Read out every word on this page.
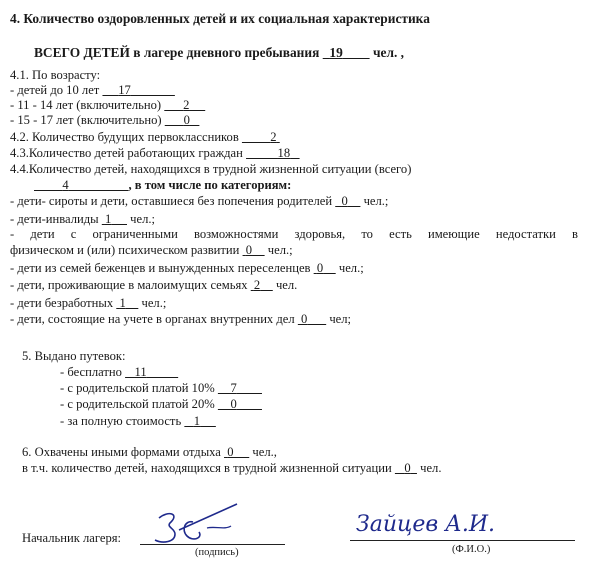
4. Количество оздоровленных детей и их социальная характеристика
ВСЕГО ДЕТЕЙ в лагере дневного пребывания 19 чел. ,
4.1. По возрасту:
- детей до 10 лет 17
- 11 - 14 лет (включительно) 2
- 15 - 17 лет (включительно) 0
4.2. Количество будущих первоклассников	2
4.3.Количество детей работающих граждан	18
4.4.Количество детей, находящихся в трудной жизненной ситуации (всего)
4	, в том числе по категориям:
- дети- сироты и дети, оставшиеся без попечения родителей 0 чел.;
- дети-инвалиды 1 чел.;
- дети с ограниченными возможностями здоровья, то есть имеющие недостатки в
физическом и (или) психическом развитии 0 чел.;
- дети из семей беженцев и вынужденных переселенцев 0 чел.;
- дети, проживающие в малоимущих семьях 2 чел.
- дети безработных 1 чел.;
- дети, состоящие на учете в органах внутренних дел 0 чел;
5. Выдано путевок:
- бесплатно 11
- с родительской платой 10% 7
- с родительской платой 20% 0
- за полную стоимость 1
6. Охвачены иными формами отдыха 0 чел.,
в т.ч. количество детей, находящихся в трудной жизненной ситуации 0 чел.
Начальник лагеря:
(подпись)	(Ф.И.О.)
Зайцев А.И.
